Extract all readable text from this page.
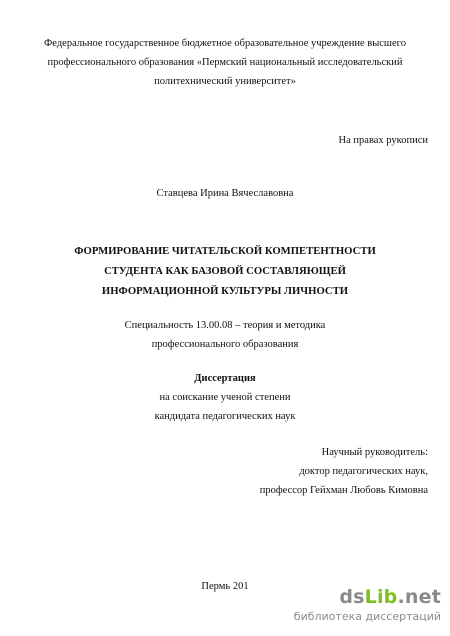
Федеральное государственное бюджетное образовательное учреждение высшего
профессионального образования «Пермский национальный исследовательский
политехнический университет»
На правах рукописи
Ставцева Ирина Вячеславовна
ФОРМИРОВАНИЕ ЧИТАТЕЛЬСКОЙ КОМПЕТЕНТНОСТИ
СТУДЕНТА КАК БАЗОВОЙ СОСТАВЛЯЮЩЕЙ
ИНФОРМАЦИОННОЙ КУЛЬТУРЫ ЛИЧНОСТИ
Специальность 13.00.08 – теория и методика
профессионального образования
Диссертация
на соискание ученой степени
кандидата педагогических наук
Научный руководитель:
доктор педагогических наук,
профессор Гейхман Любовь Кимовна
Пермь 201	dsLib.net
библиотека диссертаций
